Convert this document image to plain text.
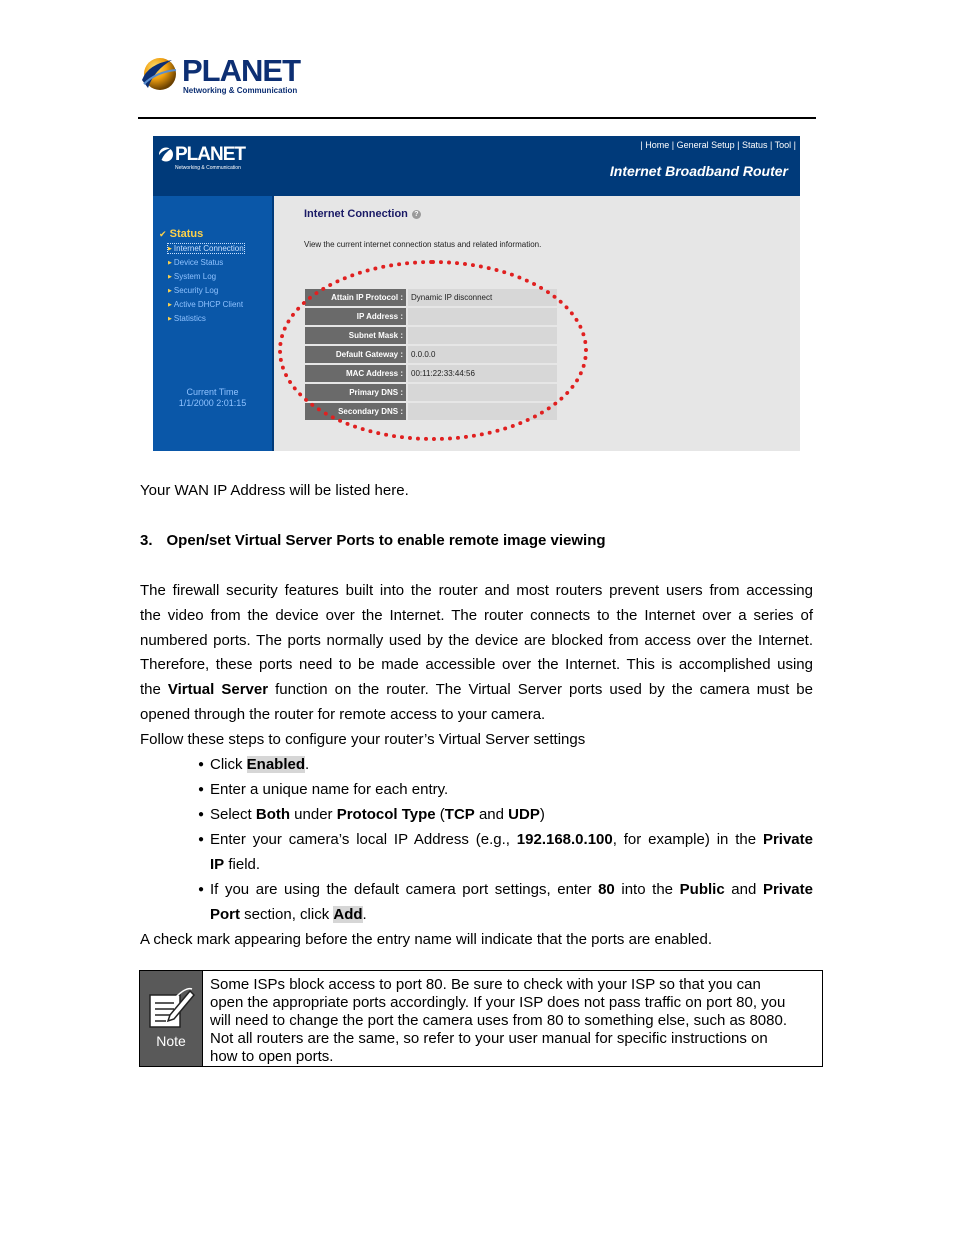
PLANET
Networking & Communication
PLANET
Networking & Communication
| Home | General Setup | Status | Tool |
Internet Broadband Router
✔ Status
▶ Internet Connection
▶ Device Status
▶ System Log
▶ Security Log
▶ Active DHCP Client
▶ Statistics
Current Time
1/1/2000 2:01:15
Internet Connection ?
View the current internet connection status and related information.
Attain IP Protocol :	Dynamic IP disconnect
IP Address :
Subnet Mask :
Default Gateway :	0.0.0.0
MAC Address :	00:11:22:33:44:56
Primary DNS :
Secondary DNS :
Your WAN IP Address will be listed here.
3. Open/set Virtual Server Ports to enable remote image viewing
The firewall security features built into the router and most routers prevent users from accessing
the video from the device over the Internet. The router connects to the Internet over a series of
numbered ports. The ports normally used by the device are blocked from access over the Internet.
Therefore, these ports need to be made accessible over the Internet. This is accomplished using
the Virtual Server function on the router. The Virtual Server ports used by the camera must be
opened through the router for remote access to your camera.
Follow these steps to configure your router’s Virtual Server settings
● Click Enabled.
● Enter a unique name for each entry.
● Select Both under Protocol Type (TCP and UDP)
● Enter your camera’s local IP Address (e.g., 192.168.0.100, for example) in the Private
IP field.
● If you are using the default camera port settings, enter 80 into the Public and Private
Port section, click Add.
A check mark appearing before the entry name will indicate that the ports are enabled.
Note
Some ISPs block access to port 80. Be sure to check with your ISP so that you can
open the appropriate ports accordingly. If your ISP does not pass traffic on port 80, you
will need to change the port the camera uses from 80 to something else, such as 8080.
Not all routers are the same, so refer to your user manual for specific instructions on
how to open ports.
